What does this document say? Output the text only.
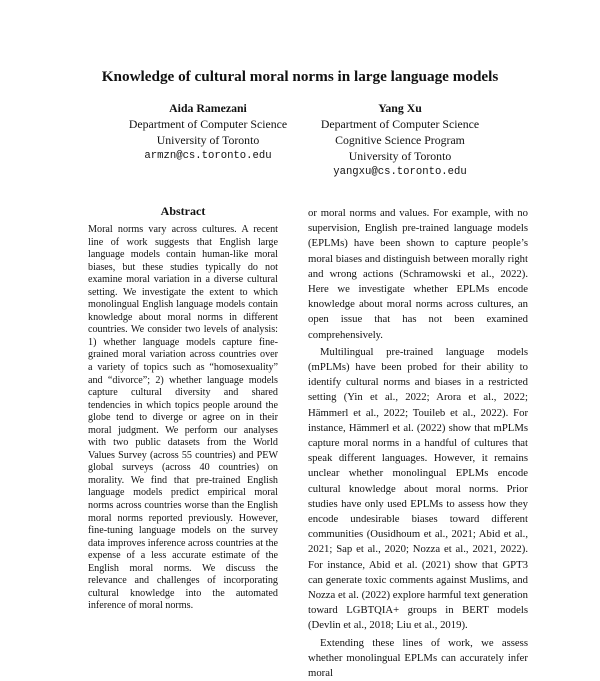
Knowledge of cultural moral norms in large language models
Aida Ramezani
Department of Computer Science
University of Toronto
armzn@cs.toronto.edu
Yang Xu
Department of Computer Science
Cognitive Science Program
University of Toronto
yangxu@cs.toronto.edu
Abstract
Moral norms vary across cultures. A recent line of work suggests that English large language models contain human-like moral biases, but these studies typically do not examine moral variation in a diverse cultural setting. We investigate the extent to which monolingual English language models contain knowledge about moral norms in different countries. We consider two levels of analysis: 1) whether language models capture fine-grained moral variation across countries over a variety of topics such as “homosexuality” and “divorce”; 2) whether language models capture cultural diversity and shared tendencies in which topics people around the globe tend to diverge or agree on in their moral judgment. We perform our analyses with two public datasets from the World Values Survey (across 55 countries) and PEW global surveys (across 40 countries) on morality. We find that pre-trained English language models predict empirical moral norms across countries worse than the English moral norms reported previously. However, fine-tuning language models on the survey data improves inference across countries at the expense of a less accurate estimate of the English moral norms. We discuss the relevance and challenges of incorporating cultural knowledge into the automated inference of moral norms.

or moral norms and values. For example, with no supervision, English pre-trained language models (EPLMs) have been shown to capture people’s moral biases and distinguish between morally right and wrong actions (Schramowski et al., 2022). Here we investigate whether EPLMs encode knowledge about moral norms across cultures, an open issue that has not been examined comprehensively.

Multilingual pre-trained language models (mPLMs) have been probed for their ability to identify cultural norms and biases in a restricted setting (Yin et al., 2022; Arora et al., 2022; Hämmerl et al., 2022; Touileb et al., 2022). For instance, Hämmerl et al. (2022) show that mPLMs capture moral norms in a handful of cultures that speak different languages. However, it remains unclear whether monolingual EPLMs encode cultural knowledge about moral norms. Prior studies have only used EPLMs to assess how they encode undesirable biases toward different communities (Ousidhoum et al., 2021; Abid et al., 2021; Sap et al., 2020; Nozza et al., 2021, 2022). For instance, Abid et al. (2021) show that GPT3 can generate toxic comments against Muslims, and Nozza et al. (2022) explore harmful text generation toward LGBTQIA+ groups in BERT models (Devlin et al., 2018; Liu et al., 2019).

Extending these lines of work, we assess whether monolingual EPLMs can accurately infer moral
